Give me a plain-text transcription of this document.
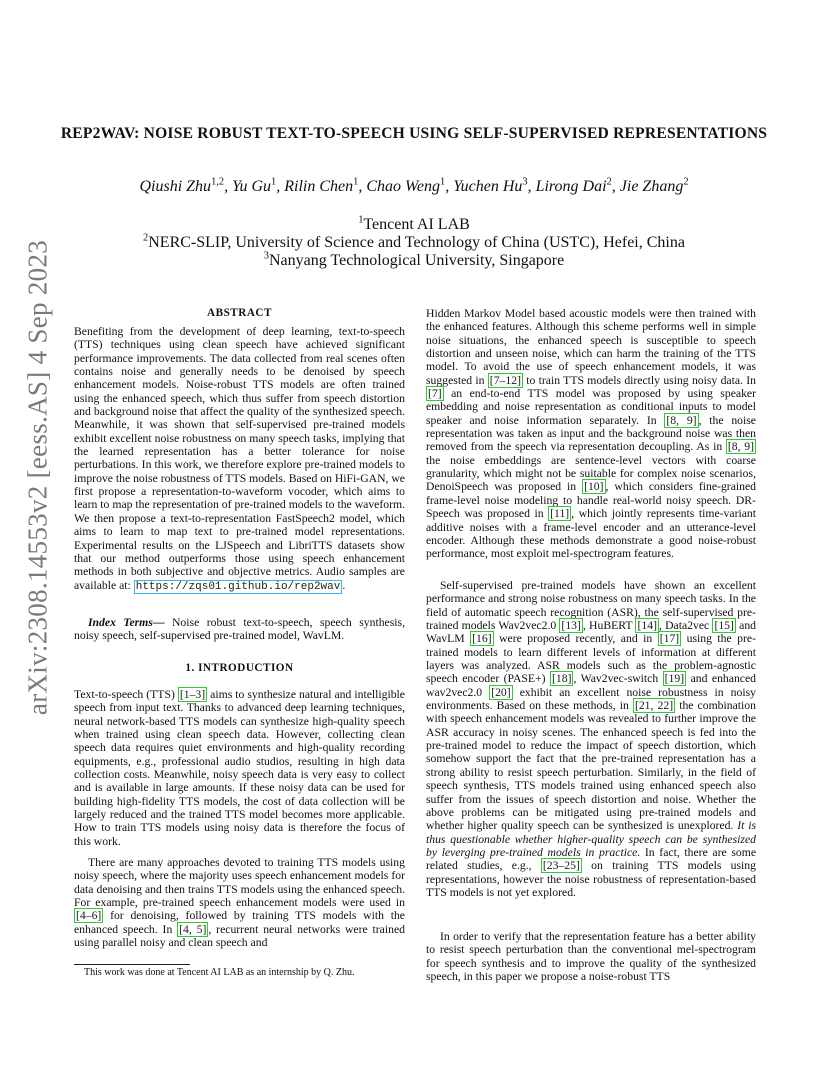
arXiv:2308.14553v2 [eess.AS] 4 Sep 2023
REP2WAV: NOISE ROBUST TEXT-TO-SPEECH USING SELF-SUPERVISED REPRESENTATIONS
Qiushi Zhu$^{1,2}$, Yu Gu$^1$, Rilin Chen$^1$, Chao Weng$^1$, Yuchen Hu$^3$, Lirong Dai$^2$, Jie Zhang$^2$
$^1$Tencent AI LAB
$^2$NERC-SLIP, University of Science and Technology of China (USTC), Hefei, China
$^3$Nanyang Technological University, Singapore
ABSTRACT

Benefiting from the development of deep learning, text-to-speech (TTS) techniques using clean speech have achieved significant performance improvements. The data collected from real scenes often contains noise and generally needs to be denoised by speech enhancement models. Noise-robust TTS models are often trained using the enhanced speech, which thus suffer from speech distortion and background noise that affect the quality of the synthesized speech. Meanwhile, it was shown that self-supervised pre-trained models exhibit excellent noise robustness on many speech tasks, implying that the learned representation has a better tolerance for noise perturbations. In this work, we therefore explore pre-trained models to improve the noise robustness of TTS models. Based on HiFi-GAN, we first propose a representation-to-waveform vocoder, which aims to learn to map the representation of pre-trained models to the waveform. We then propose a text-to-representation FastSpeech2 model, which aims to learn to map text to pre-trained model representations. Experimental results on the LJSpeech and LibriTTS datasets show that our method outperforms those using speech enhancement methods in both subjective and objective metrics. Audio samples are available at: https://zqs01.github.io/rep2wav .

Index Terms— Noise robust text-to-speech, speech synthesis, noisy speech, self-supervised pre-trained model, WavLM.

1. INTRODUCTION

Text-to-speech (TTS) [1–3] aims to synthesize natural and intelligible speech from input text. Thanks to advanced deep learning techniques, neural network-based TTS models can synthesize high-quality speech when trained using clean speech data. However, collecting clean speech data requires quiet environments and high-quality recording equipments, e.g., professional audio studios, resulting in high data collection costs. Meanwhile, noisy speech data is very easy to collect and is available in large amounts. If these noisy data can be used for building high-fidelity TTS models, the cost of data collection will be largely reduced and the trained TTS model becomes more applicable. How to train TTS models using noisy data is therefore the focus of this work.

There are many approaches devoted to training TTS models using noisy speech, where the majority uses speech enhancement models for data denoising and then trains TTS models using the enhanced speech. For example, pre-trained speech enhancement models were used in [4–6] for denoising, followed by training TTS models with the enhanced speech. In [4, 5] , recurrent neural networks were trained using parallel noisy and clean speech and

Hidden Markov Model based acoustic models were then trained with the enhanced features. Although this scheme performs well in simple noise situations, the enhanced speech is susceptible to speech distortion and unseen noise, which can harm the training of the TTS model. To avoid the use of speech enhancement models, it was suggested in [7–12] to train TTS models directly using noisy data. In [7] an end-to-end TTS model was proposed by using speaker embedding and noise representation as conditional inputs to model speaker and noise information separately. In [8, 9] , the noise representation was taken as input and the background noise was then removed from the speech via representation decoupling. As in [8, 9] the noise embeddings are sentence-level vectors with coarse granularity, which might not be suitable for complex noise scenarios, DenoiSpeech was proposed in [10] , which considers fine-grained frame-level noise modeling to handle real-world noisy speech. DR-Speech was proposed in [11] , which jointly represents time-variant additive noises with a frame-level encoder and an utterance-level encoder. Although these methods demonstrate a good noise-robust performance, most exploit mel-spectrogram features.

Self-supervised pre-trained models have shown an excellent performance and strong noise robustness on many speech tasks. In the field of automatic speech recognition (ASR), the self-supervised pre-trained models Wav2vec2.0 [13] , HuBERT [14] , Data2vec [15] and WavLM [16] were proposed recently, and in [17] using the pre-trained models to learn different levels of information at different layers was analyzed. ASR models such as the problem-agnostic speech encoder (PASE+) [18] , Wav2vec-switch [19] and enhanced wav2vec2.0 [20] exhibit an excellent noise robustness in noisy environments. Based on these methods, in [21, 22] the combination with speech enhancement models was revealed to further improve the ASR accuracy in noisy scenes. The enhanced speech is fed into the pre-trained model to reduce the impact of speech distortion, which somehow support the fact that the pre-trained representation has a strong ability to resist speech perturbation. Similarly, in the field of speech synthesis, TTS models trained using enhanced speech also suffer from the issues of speech distortion and noise. Whether the above problems can be mitigated using pre-trained models and whether higher quality speech can be synthesized is unexplored. It is thus questionable whether higher-quality speech can be synthesized by leverging pre-trained models in practice. In fact, there are some related studies, e.g., [23–25] on training TTS models using representations, however the noise robustness of representation-based TTS models is not yet explored.

In order to verify that the representation feature has a better ability to resist speech perturbation than the conventional mel-spectrogram for speech synthesis and to improve the quality of the synthesized speech, in this paper we propose a noise-robust TTS

This work was done at Tencent AI LAB as an internship by Q. Zhu.
